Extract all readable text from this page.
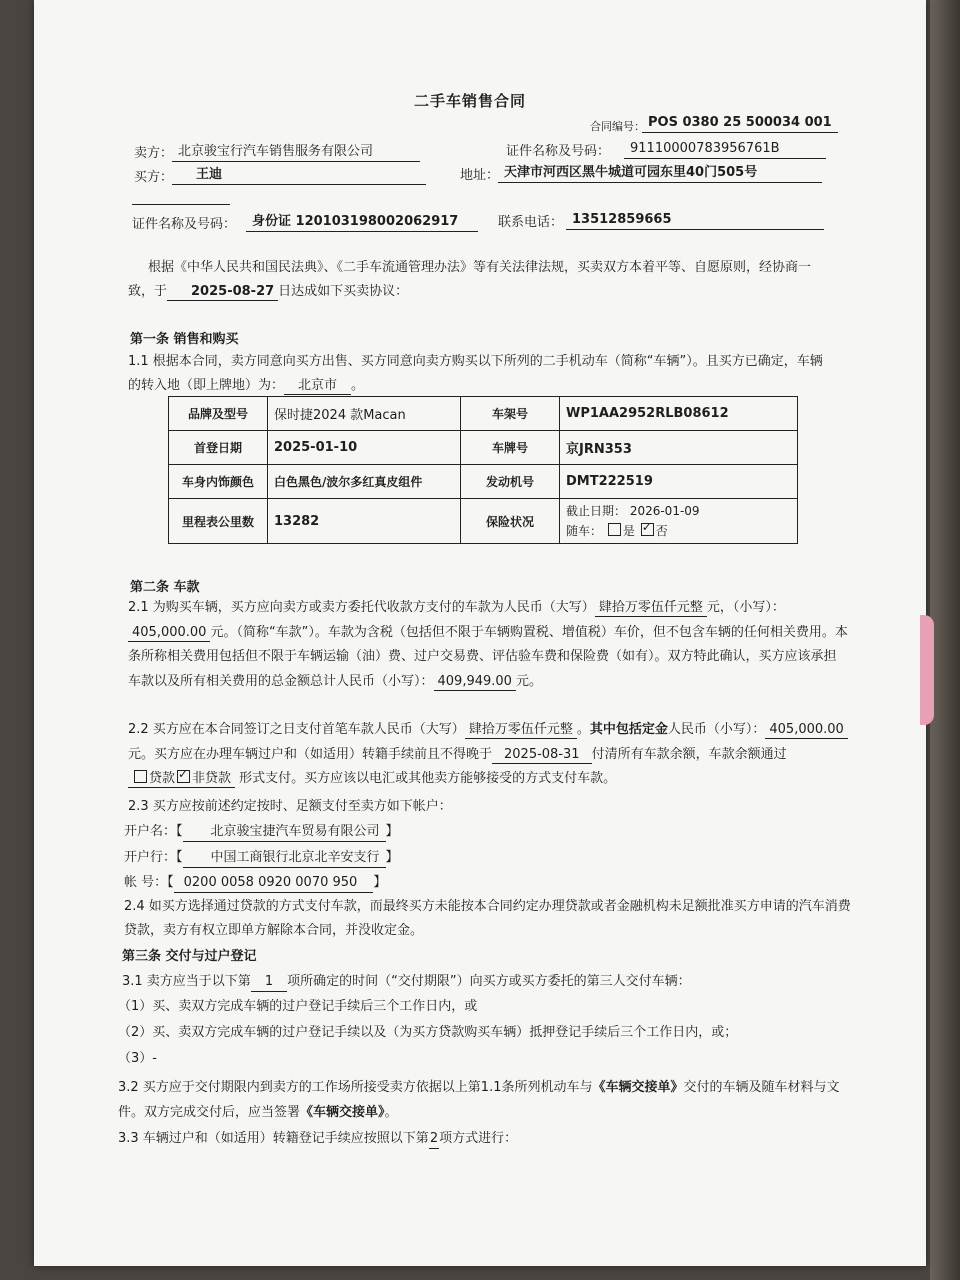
二手车销售合同
合同编号： POS 0380 25 500034 001
卖方： 北京骏宝行汽车销售服务有限公司	证件名称及号码：	91110000783956761B
买方：	王迪	地址： 天津市河西区黑牛城道可园东里40门505号
证件名称及号码：	身份证 120103198002062917	联系电话： 13512859665
根据《中华人民共和国民法典》、《二手车流通管理办法》等有关法律法规，买卖双方本着平等、自愿原则，经协商一致，于 2025-08-27 日达成如下买卖协议：
第一条 销售和购买
1.1 根据本合同，卖方同意向买方出售、买方同意向卖方购买以下所列的二手机动车（简称“车辆”）。且买方已确定，车辆的转入地（即上牌地）为： 北京市 。
品牌及型号	保时捷2024 款Macan	车架号	WP1AA2952RLB08612
首登日期	2025-01-10	车牌号	京JRN353
车身内饰颜色	白色黑色/波尔多红真皮组件	发动机号	DMT222519
里程表公里数	13282	保险状况	截止日期： 2026-01-09
随车： 是 ✓ 否
第二条 车款
2.1 为购买车辆，买方应向卖方或卖方委托代收款方支付的车款为人民币（大写） 肆拾万零伍仟元整 元，（小写）：405,000.00 元。（简称“车款”）。车款为含税（包括但不限于车辆购置税、增值税）车价，但不包含车辆的任何相关费用。本条所称相关费用包括但不限于车辆运输（油）费、过户交易费、评估验车费和保险费（如有）。双方特此确认，买方应该承担车款以及所有相关费用的总金额总计人民币（小写）： 409,949.00 元。
2.2 买方应在本合同签订之日支付首笔车款人民币（大写） 肆拾万零伍仟元整 。其中包括定金人民币（小写）： 405,000.00元。买方应在办理车辆过户和（如适用）转籍手续前且不得晚于 2025-08-31 付清所有车款余额，车款余额通过 贷款 ✓ 非贷款 形式支付。买方应该以电汇或其他卖方能够接受的方式支付车款。
2.3 买方应按前述约定按时、足额支付至卖方如下帐户：
开户名：【 北京骏宝捷汽车贸易有限公司 】
开户行：【 中国工商银行北京北辛安支行 】
帐 号：【 0200 0058 0920 0070 950 】
2.4 如买方选择通过贷款的方式支付车款，而最终买方未能按本合同约定办理贷款或者金融机构未足额批准买方申请的汽车消费贷款，卖方有权立即单方解除本合同，并没收定金。
第三条 交付与过户登记
3.1 卖方应当于以下第 1 项所确定的时间（“交付期限”）向买方或买方委托的第三人交付车辆：
（1）买、卖双方完成车辆的过户登记手续后三个工作日内，或
（2）买、卖双方完成车辆的过户登记手续以及（为买方贷款购买车辆）抵押登记手续后三个工作日内，或；
（3）-
3.2 买方应于交付期限内到卖方的工作场所接受卖方依据以上第1.1条所列机动车与《车辆交接单》交付的车辆及随车材料与文件。双方完成交付后，应当签署《车辆交接单》。
3.3 车辆过户和（如适用）转籍登记手续应按照以下第2项方式进行：
